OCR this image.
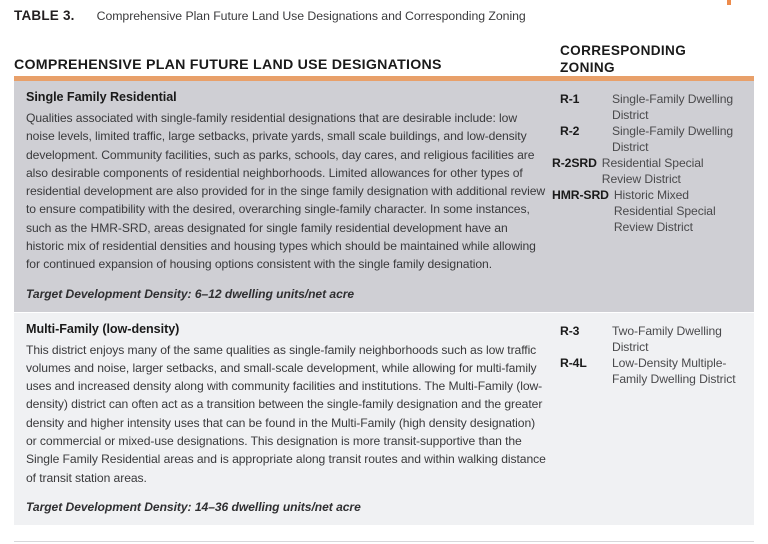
TABLE 3. Comprehensive Plan Future Land Use Designations and Corresponding Zoning
COMPREHENSIVE PLAN FUTURE LAND USE DESIGNATIONS
CORRESPONDING
ZONING
Single Family Residential

Qualities associated with single-family residential designations that are desirable include: low noise levels, limited traffic, large setbacks, private yards, small scale buildings, and low-density development. Community facilities, such as parks, schools, day cares, and religious facilities are also desirable components of residential neighborhoods. Limited allowances for other types of residential development are also provided for in the singe family designation with additional review to ensure compatibility with the desired, overarching single-family character. In some instances, such as the HMR-SRD, areas designated for single family residential development have an historic mix of residential densities and housing types which should be maintained while allowing for continued expansion of housing options consistent with the single family designation.

R-1	Single-Family Dwelling District
R-2	Single-Family Dwelling District
R-2SRD Residential Special Review District
HMR-SRD Historic Mixed Residential Special Review District
Target Development Density: 6–12 dwelling units/net acre
Multi-Family (low-density)

This district enjoys many of the same qualities as single-family neighborhoods such as low traffic volumes and noise, larger setbacks, and small-scale development, while allowing for multi-family uses and increased density along with community facilities and institutions. The Multi-Family (low-density) district can often act as a transition between the single-family designation and the greater density and higher intensity uses that can be found in the Multi-Family (high density designation) or commercial or mixed-use designations. This designation is more transit-supportive than the Single Family Residential areas and is appropriate along transit routes and within walking distance of transit station areas.

R-3	Two-Family Dwelling District
R-4L	Low-Density Multiple-Family Dwelling District
Target Development Density: 14–36 dwelling units/net acre
